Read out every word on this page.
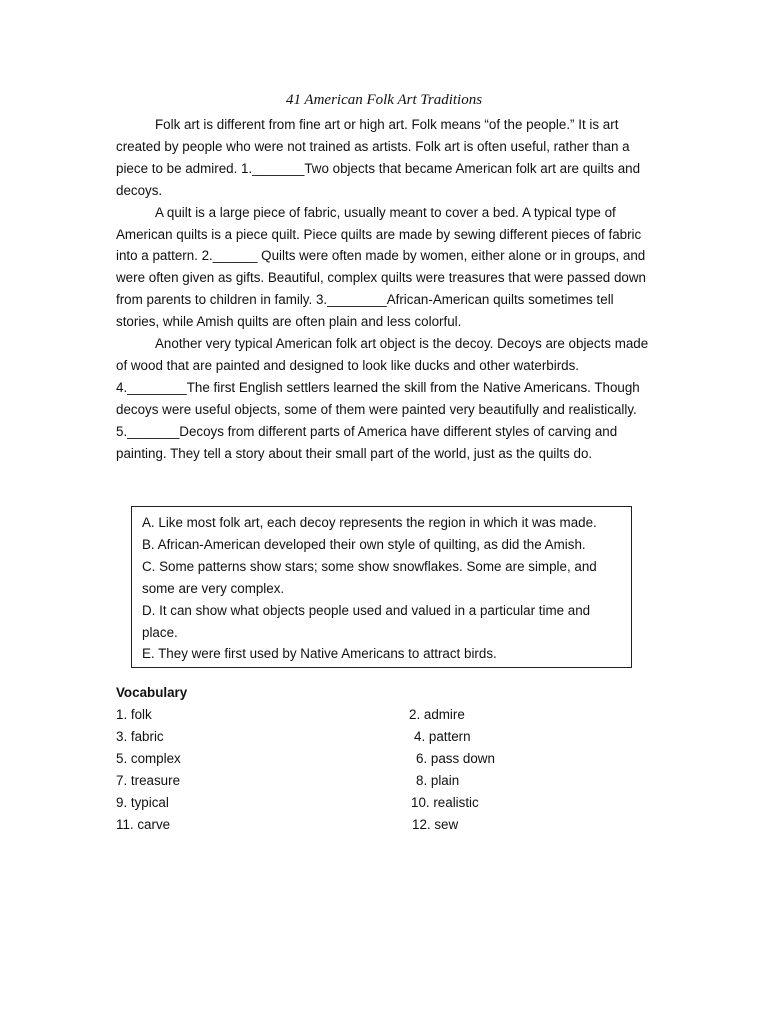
41 American Folk Art Traditions

Folk art is different from fine art or high art. Folk means “of the people.” It is art created by people who were not trained as artists. Folk art is often useful, rather than a piece to be admired. 1._______Two objects that became American folk art are quilts and decoys.

A quilt is a large piece of fabric, usually meant to cover a bed. A typical type of American quilts is a piece quilt. Piece quilts are made by sewing different pieces of fabric into a pattern. 2.______ Quilts were often made by women, either alone or in groups, and were often given as gifts. Beautiful, complex quilts were treasures that were passed down from parents to children in family. 3.________African-American quilts sometimes tell stories, while Amish quilts are often plain and less colorful.

Another very typical American folk art object is the decoy. Decoys are objects made of wood that are painted and designed to look like ducks and other waterbirds. 4.________The first English settlers learned the skill from the Native Americans. Though decoys were useful objects, some of them were painted very beautifully and realistically. 5._______Decoys from different parts of America have different styles of carving and painting. They tell a story about their small part of the world, just as the quilts do.

A. Like most folk art, each decoy represents the region in which it was made.
B. African-American developed their own style of quilting, as did the Amish.
C. Some patterns show stars; some show snowflakes. Some are simple, and some are very complex.
D. It can show what objects people used and valued in a particular time and place.
E. They were first used by Native Americans to attract birds.
Vocabulary
1. folk	2. admire
3. fabric	4. pattern
5. complex	6. pass down
7. treasure	8. plain
9. typical	10. realistic
11. carve	12. sew
